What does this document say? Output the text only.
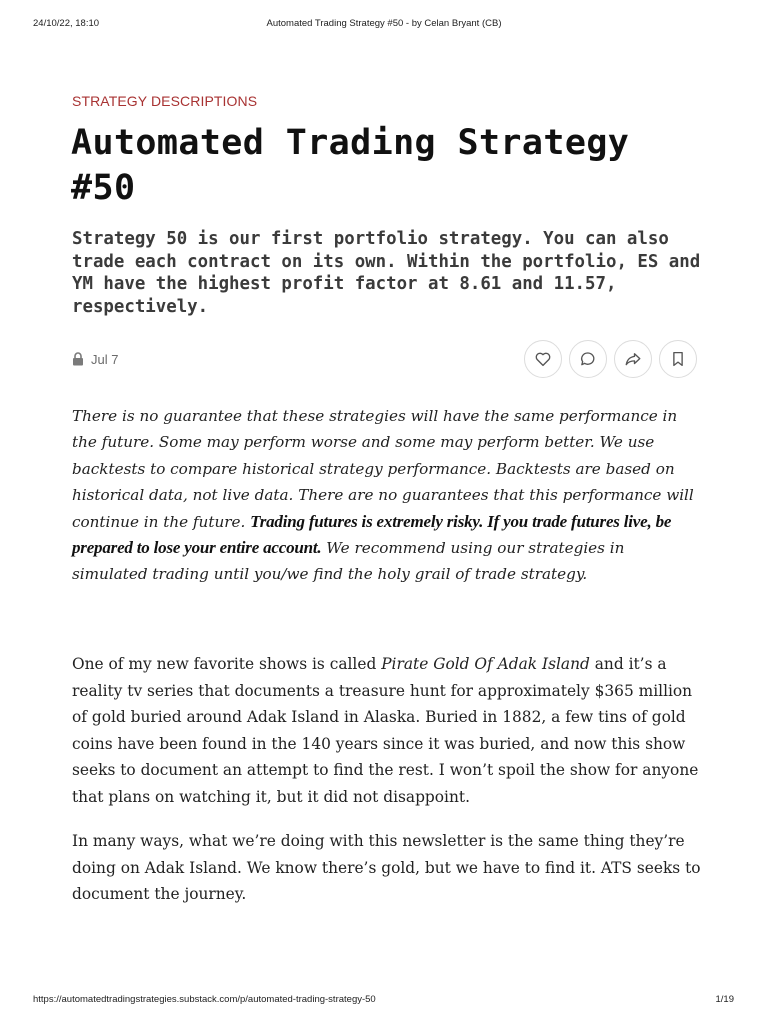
24/10/22, 18:10	Automated Trading Strategy #50 - by Celan Bryant (CB)
STRATEGY DESCRIPTIONS
Automated Trading Strategy #50
Strategy 50 is our first portfolio strategy. You can also trade each contract on its own. Within the portfolio, ES and YM have the highest profit factor at 8.61 and 11.57, respectively.
Jul 7

There is no guarantee that these strategies will have the same performance in the future. Some may perform worse and some may perform better. We use backtests to compare historical strategy performance. Backtests are based on historical data, not live data. There are no guarantees that this performance will continue in the future. Trading futures is extremely risky. If you trade futures live, be prepared to lose your entire account. We recommend using our strategies in simulated trading until you/we find the holy grail of trade strategy.

One of my new favorite shows is called Pirate Gold Of Adak Island and it’s a reality tv series that documents a treasure hunt for approximately $365 million of gold buried around Adak Island in Alaska. Buried in 1882, a few tins of gold coins have been found in the 140 years since it was buried, and now this show seeks to document an attempt to find the rest. I won’t spoil the show for anyone that plans on watching it, but it did not disappoint.

In many ways, what we’re doing with this newsletter is the same thing they’re doing on Adak Island. We know there’s gold, but we have to find it. ATS seeks to document the journey.

https://automatedtradingstrategies.substack.com/p/automated-trading-strategy-50	1/19
